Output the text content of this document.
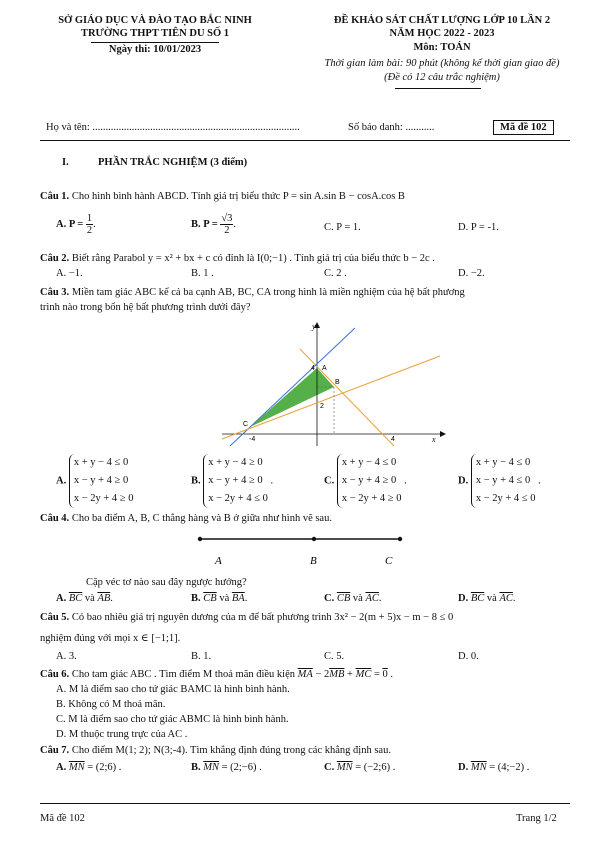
SỞ GIÁO DỤC VÀ ĐÀO TẠO BẮC NINH
TRƯỜNG THPT TIÊN DU SỐ 1
Ngày thi: 10/01/2023
ĐỀ KHẢO SÁT CHẤT LƯỢNG LỚP 10 LẦN 2
NĂM HỌC 2022 - 2023
Môn: TOÁN
Thời gian làm bài: 90 phút (không kể thời gian giao đề)
(Đề có 12 câu trắc nghiệm)
Họ và tên: ...............................................................................	Số báo danh: ...........	Mã đề 102
I.	PHẦN TRẮC NGHIỆM (3 điểm)
Câu 1. Cho hình bình hành ABCD. Tính giá trị biểu thức P = sin A.sin B − cosA.cos B
A. $P = \frac{1}{2}$ .	B. $P = \frac{√3}{2}$ .	C. P = 1.	D. P = -1.
Câu 2. Biết rằng Parabol y = x² + bx + c có đỉnh là I(0;−1) . Tính giá trị của biểu thức b − 2c .
A. −1.	B. 1 .	C. 2 .	D. −2.
Câu 3. Miền tam giác ABC kể cả ba cạnh AB, BC, CA trong hình là miền nghiệm của hệ bất phương
trình nào trong bốn hệ bất phương trình dưới đây?
y
x
A
B
C
4
2
-4	4
A. x + y − 4 ≤ 0
x − y + 4 ≥ 0
x − 2y + 4 ≥ 0
B. x + y − 4 ≥ 0
x − y + 4 ≥ 0
x − 2y + 4 ≤ 0 .	C. x + y − 4 ≤ 0
x − y + 4 ≥ 0
x − 2y + 4 ≥ 0 .	D. x + y − 4 ≤ 0
x − y + 4 ≤ 0
x − 2y + 4 ≤ 0 .
Câu 4. Cho ba điểm A, B, C thẳng hàng và B ở giữa như hình vẽ sau.
A	B	C
Cặp véc tơ nào sau đây ngược hướng?
A. $\overline{BC}$ và $\overline{AB}$.	B. $\overline{CB}$ và $\overline{BA}$.	C. $\overline{CB}$ và $\overline{AC}$.	D. $\overline{BC}$ và $\overline{AC}$.
Câu 5. Có bao nhiêu giá trị nguyên dương của m để bất phương trình 3x² − 2(m + 5)x − m − 8 ≤ 0
nghiệm đúng với mọi x ∈ [−1;1].
A. 3.	B. 1.	C. 5.	D. 0.
Câu 6. Cho tam giác ABC . Tìm điểm M thoả mãn điều kiện $\overline{MA} - 2\overline{MB} + \overline{MC} = 0$ .
A. M là điểm sao cho tứ giác BAMC là hình bình hành.
B. Không có M thoả mãn.
C. M là điểm sao cho tứ giác ABMC là hình bình hành.
D. M thuộc trung trực của AC .
Câu 7. Cho điểm M(1; 2); N(3;-4). Tìm khẳng định đúng trong các khẳng định sau.
A. $\overline{MN}$ = (2;6) .	B. $\overline{MN}$ = (2;−6) .	C. $\overline{MN}$ = (−2;6) .	D. $\overline{MN}$ = (4;−2) .
Mã đề 102	Trang 1/2
